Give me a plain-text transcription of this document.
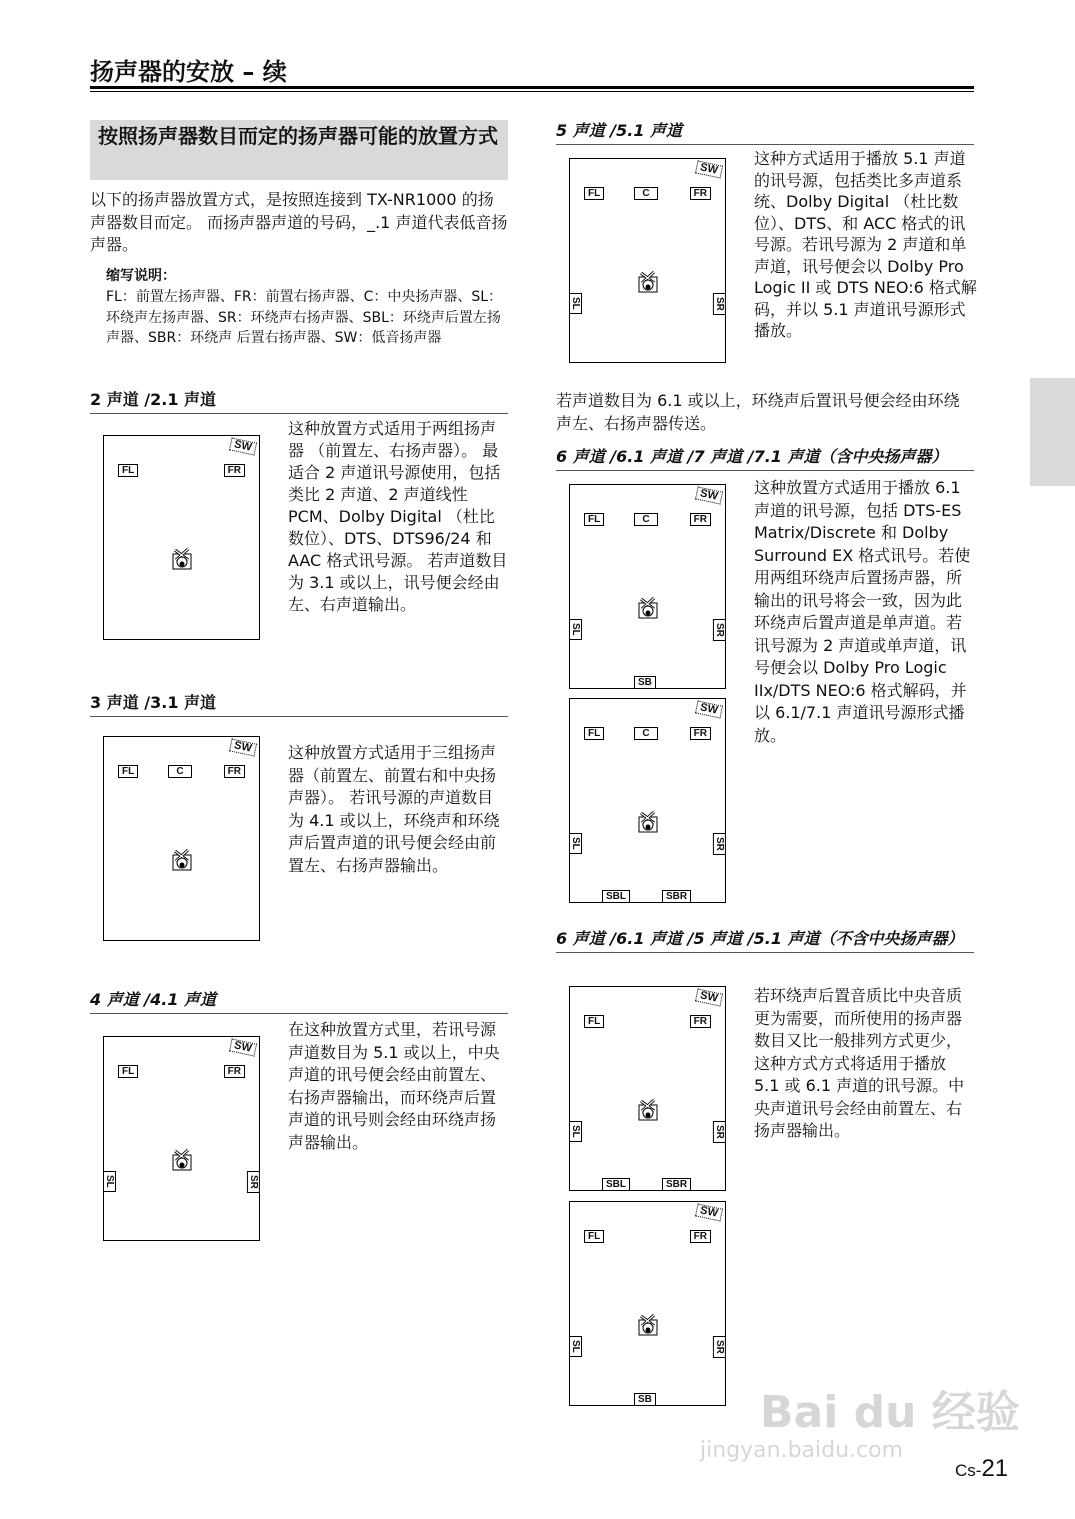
扬声器的安放 – 续
按照扬声器数目而定的扬声器可能的放置方式
以下的扬声器放置方式，是按照连接到 TX-NR1000 的扬声器数目而定。 而扬声器声道的号码，_.1 声道代表低音扬声器。
缩写说明：
FL：前置左扬声器、FR：前置右扬声器、C：中央扬声器、SL：环绕声左扬声器、SR：环绕声右扬声器、SBL：环绕声后置左扬声器、SBR：环绕声 后置右扬声器、SW：低音扬声器
2 声道 /2.1 声道
这种放置方式适用于两组扬声器 （前置左、右扬声器）。 最适合 2 声道讯号源使用，包括类比 2 声道、2 声道线性 PCM、Dolby Digital （杜比数位）、DTS、DTS96/24 和 AAC 格式讯号源。 若声道数目为 3.1 或以上，讯号便会经由左、右声道输出。
3 声道 /3.1 声道
这种放置方式适用于三组扬声器（前置左、前置右和中央扬声器）。 若讯号源的声道数目为 4.1 或以上，环绕声和环绕声后置声道的讯号便会经由前置左、右扬声器输出。
4 声道 /4.1 声道
在这种放置方式里，若讯号源声道数目为 5.1 或以上，中央声道的讯号便会经由前置左、右扬声器输出，而环绕声后置声道的讯号则会经由环绕声扬声器输出。
5 声道 /5.1 声道
这种方式适用于播放 5.1 声道的讯号源，包括类比多声道系统、Dolby Digital （杜比数位）、DTS、和 ACC 格式的讯号源。若讯号源为 2 声道和单声道，讯号便会以 Dolby Pro Logic II 或 DTS NEO:6 格式解码，并以 5.1 声道讯号源形式播放。
若声道数目为 6.1 或以上，环绕声后置讯号便会经由环绕声左、右扬声器传送。
6 声道 /6.1 声道 /7 声道 /7.1 声道（含中央扬声器）
这种放置方式适用于播放 6.1 声道的讯号源，包括 DTS-ES Matrix/Discrete 和 Dolby Surround EX 格式讯号。若使用两组环绕声后置扬声器，所输出的讯号将会一致，因为此环绕声后置声道是单声道。若讯号源为 2 声道或单声道，讯号便会以 Dolby Pro Logic IIx/DTS NEO:6 格式解码，并以 6.1/7.1 声道讯号源形式播放。
6 声道 /6.1 声道 /5 声道 /5.1 声道（不含中央扬声器）
若环绕声后置音质比中央音质更为需要，而所使用的扬声器数目又比一般排列方式更少，这种方式方式将适用于播放 5.1 或 6.1 声道的讯号源。中央声道讯号会经由前置左、右扬声器输出。
SW
FL	FR
SW
FL	C	FR
SW
FL	FR
SL	SR
SW
FL	C	FR
SL	SR
SW
FL	C	FR
SL	SR
SB
SW
FL	C	FR
SL	SR
SBL	SBR
SW
FL	FR
SL	SR
SBL	SBR
SW
FL	FR
SL	SR
SB Bai du 经验
jingyan.baidu.com
Cs-21
